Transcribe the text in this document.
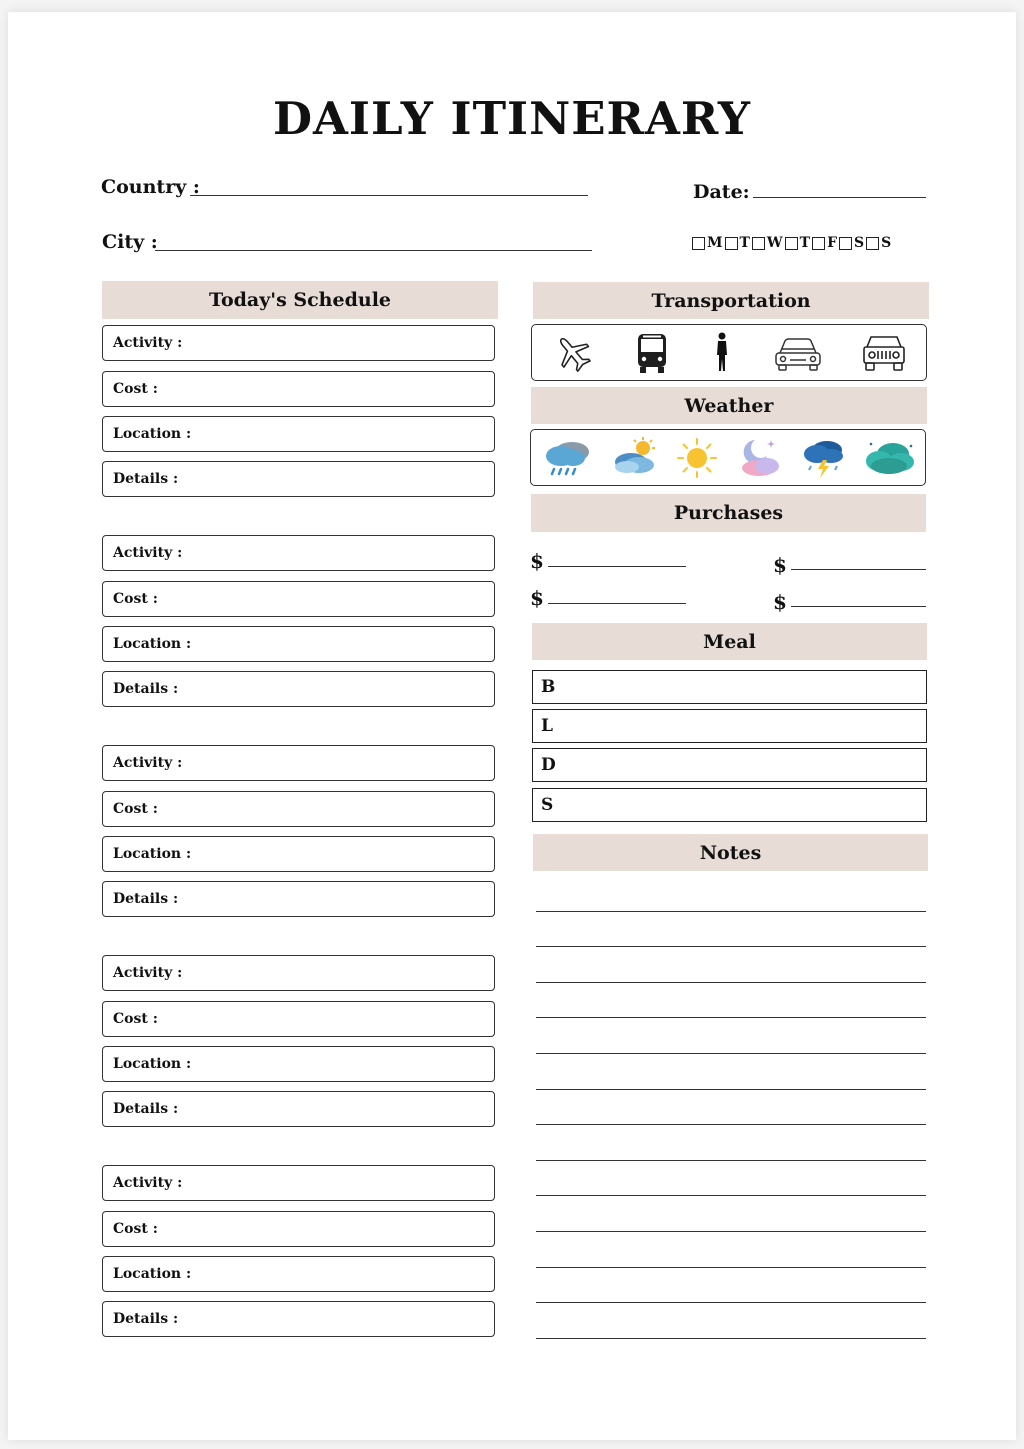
DAILY ITINERARY
Country :	Date:
City :	M T W T F S S
Today's Schedule
Activity :
Cost :
Location :
Details :
Activity :
Cost :
Location :
Details :
Activity :
Cost :
Location :
Details :
Activity :
Cost :
Location :
Details :
Activity :
Cost :
Location :
Details :
Transportation
Weather
Purchases
$	$
$	$
Meal
B
L
D
S
Notes
